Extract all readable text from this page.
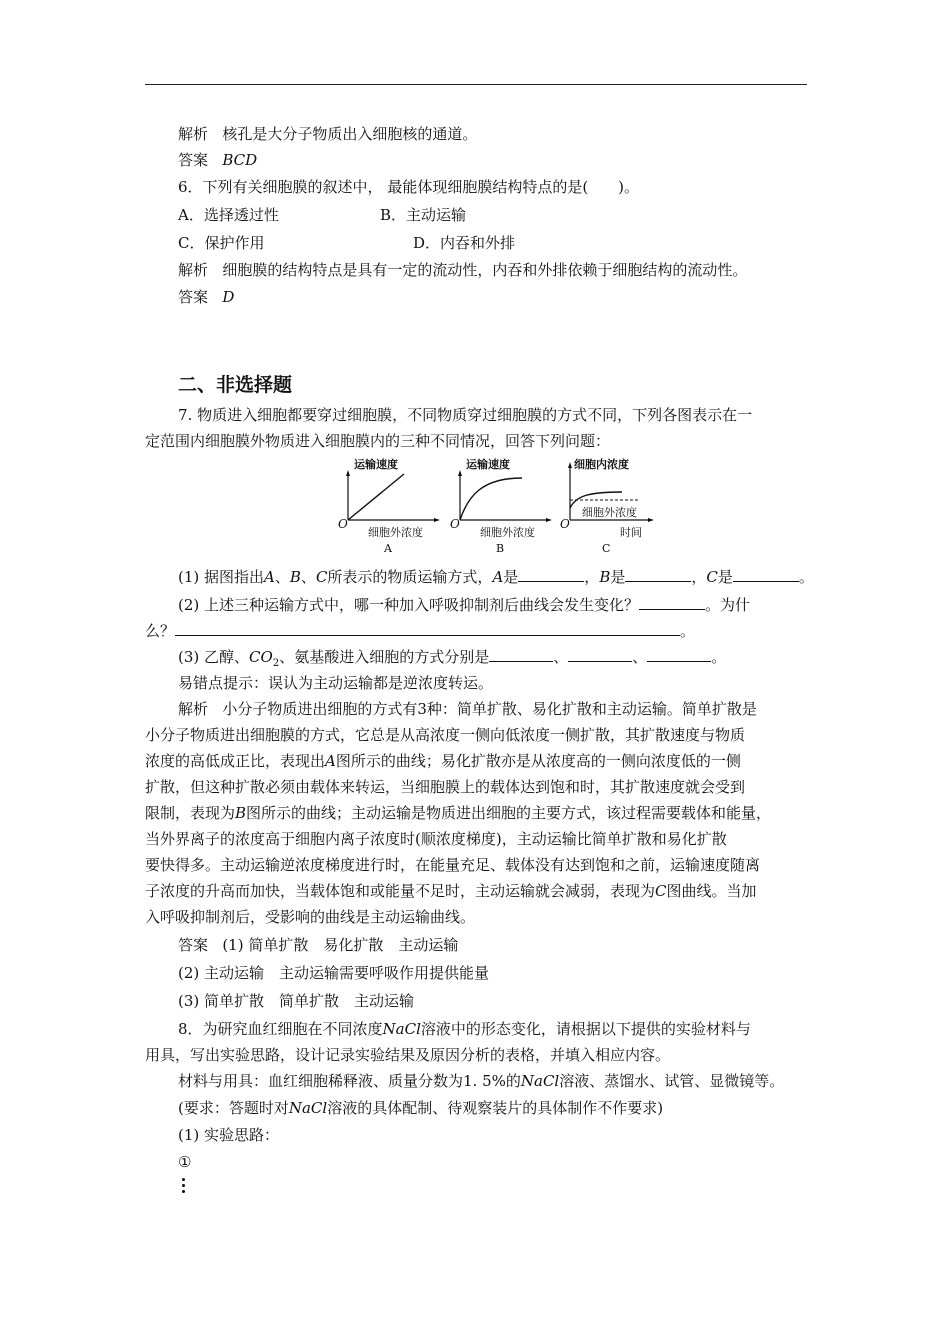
解析 核孔是大分子物质出入细胞核的通道。
答案 BCD
6．下列有关细胞膜的叙述中， 最能体现细胞膜结构特点的是(　　)。
A．选择透过性	B．主动运输
C．保护作用	D．内吞和外排
解析 细胞膜的结构特点是具有一定的流动性，内吞和外排依赖于细胞结构的流动性。
答案 D
二、非选择题
7. 物质进入细胞都要穿过细胞膜，不同物质穿过细胞膜的方式不同，下列各图表示在一
定范围内细胞膜外物质进入细胞膜内的三种不同情况，回答下列问题：
运输速度
O
细胞外浓度
A
运输速度
O
细胞外浓度
B
细胞内浓度
细胞外浓度
O
时间
C
(1) 据图指出A、B、C所表示的物质运输方式，A是	，B是	，C是	。
(2) 上述三种运输方式中，哪一种加入呼吸抑制剂后曲线会发生变化？	。为什
么？	。
(3) 乙醇、$CO_2$、氨基酸进入细胞的方式分别是	、	、	。
易错点提示：误认为主动运输都是逆浓度转运。
解析 小分子物质进出细胞的方式有3种：简单扩散、易化扩散和主动运输。简单扩散是
小分子物质进出细胞膜的方式，它总是从高浓度一侧向低浓度一侧扩散，其扩散速度与物质
浓度的高低成正比，表现出A图所示的曲线；易化扩散亦是从浓度高的一侧向浓度低的一侧
扩散，但这种扩散必须由载体来转运，当细胞膜上的载体达到饱和时，其扩散速度就会受到
限制，表现为B图所示的曲线；主动运输是物质进出细胞的主要方式，该过程需要载体和能量，
当外界离子的浓度高于细胞内离子浓度时(顺浓度梯度)，主动运输比简单扩散和易化扩散
要快得多。主动运输逆浓度梯度进行时，在能量充足、载体没有达到饱和之前，运输速度随离
子浓度的升高而加快，当载体饱和或能量不足时，主动运输就会减弱，表现为C图曲线。当加
入呼吸抑制剂后，受影响的曲线是主动运输曲线。
答案 (1) 简单扩散　易化扩散　主动运输
(2) 主动运输　主动运输需要呼吸作用提供能量
(3) 简单扩散　简单扩散　主动运输
8．为研究血红细胞在不同浓度NaCl溶液中的形态变化，请根据以下提供的实验材料与
用具，写出实验思路，设计记录实验结果及原因分析的表格，并填入相应内容。
材料与用具：血红细胞稀释液、质量分数为1. 5%的NaCl溶液、蒸馏水、试管、显微镜等。
(要求：答题时对NaCl溶液的具体配制、待观察装片的具体制作不作要求)
(1) 实验思路：
①
